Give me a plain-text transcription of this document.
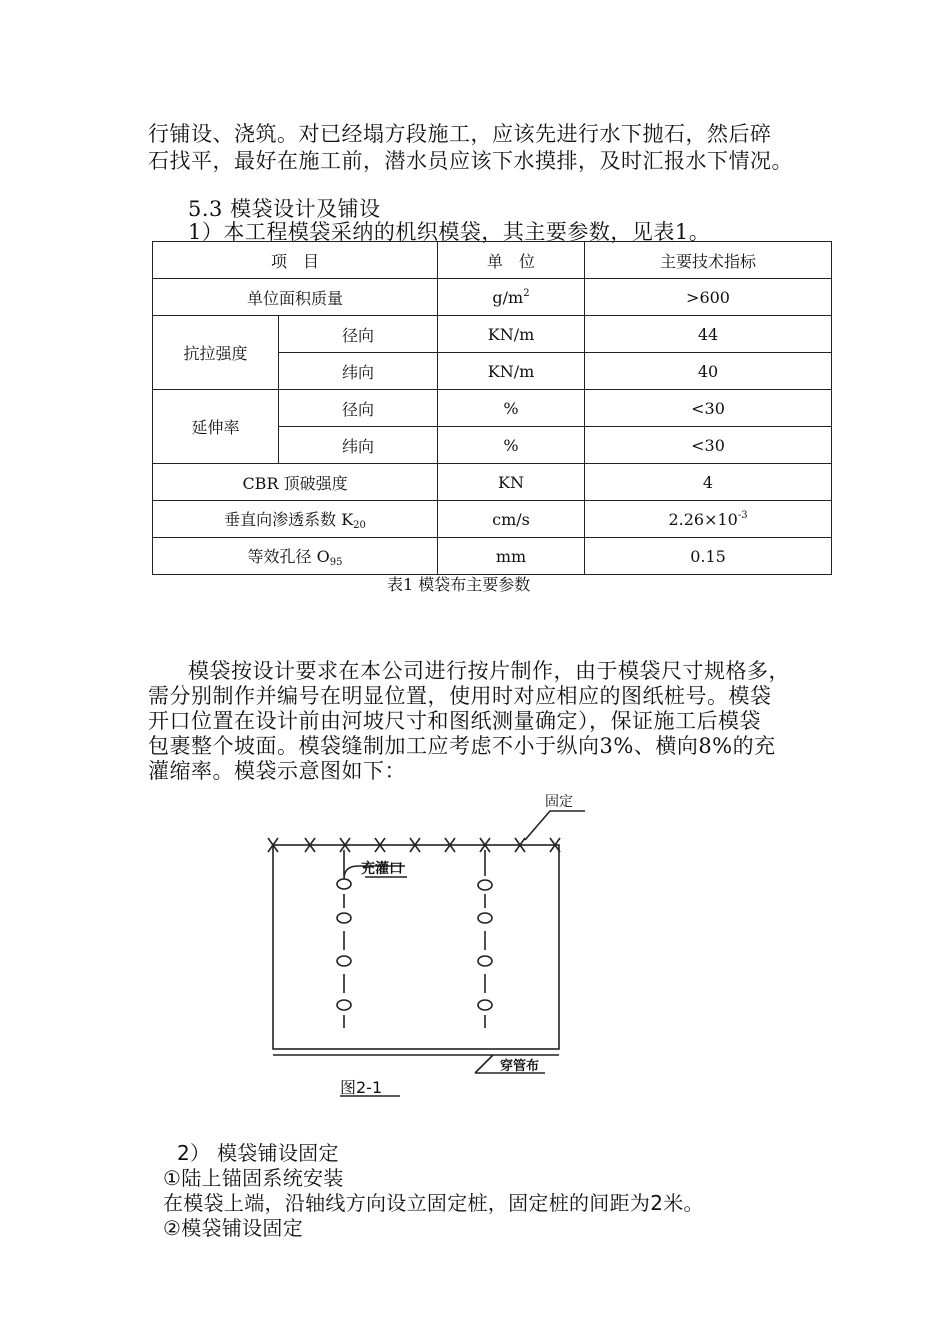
行铺设、浇筑。对已经塌方段施工，应该先进行水下抛石，然后碎
石找平，最好在施工前，潜水员应该下水摸排，及时汇报水下情况。
5.3 模袋设计及铺设
1）本工程模袋采纳的机织模袋，其主要参数，见表1。
项　目		单　位	主要技术指标
单位面积质量		$g/m^2$	>600
抗拉强度	径向	KN/m	44
	纬向	KN/m	40
延伸率	径向	%	<30
	纬向	%	<30
CBR 顶破强度		KN	4
垂直向渗透系数 $K_{20}$		cm/s	$2.26\times 10^{-3}$
等效孔径 $O_{95}$		mm	0.15
表1 模袋布主要参数
模袋按设计要求在本公司进行按片制作，由于模袋尺寸规格多，
需分别制作并编号在明显位置，使用时对应相应的图纸桩号。模袋
开口位置在设计前由河坡尺寸和图纸测量确定），保证施工后模袋
包裹整个坡面。模袋缝制加工应考虑不小于纵向3%、横向8%的充
灌缩率。模袋示意图如下：
固定
充灌口
穿管布
图2-1
2） 模袋铺设固定
①陆上锚固系统安装
在模袋上端，沿轴线方向设立固定桩，固定桩的间距为2米。
②模袋铺设固定
